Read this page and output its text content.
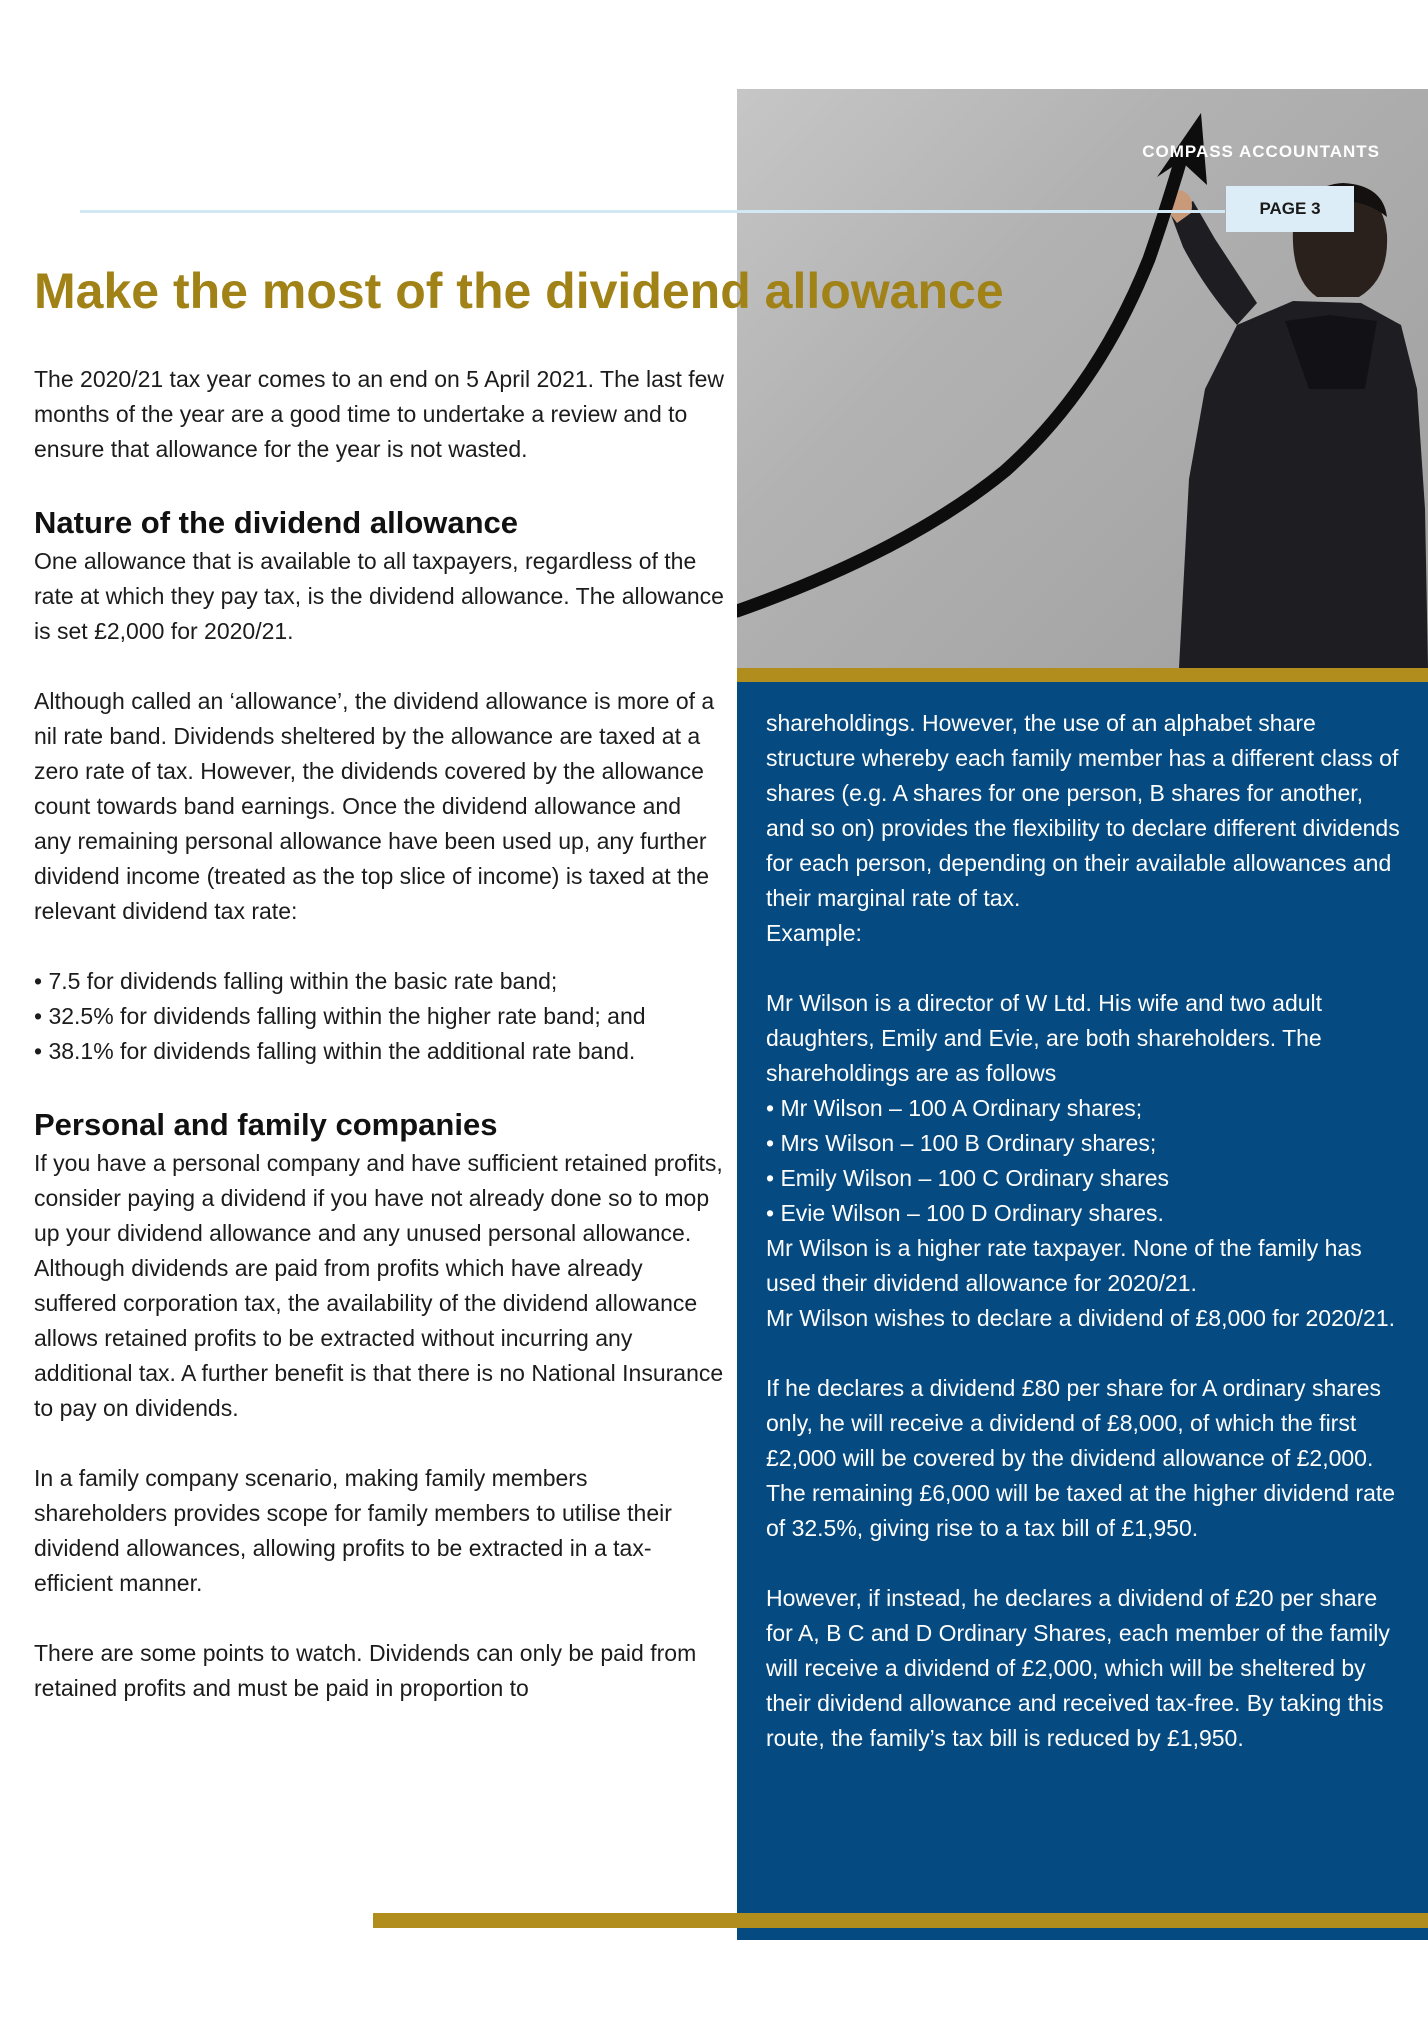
COMPASS ACCOUNTANTS
PAGE 3
Make the most of the dividend allowance

The 2020/21 tax year comes to an end on 5 April 2021. The last few months of the year are a good time to undertake a review and to ensure that allowance for the year is not wasted.

Nature of the dividend allowance

One allowance that is available to all taxpayers, regardless of the rate at which they pay tax, is the dividend allowance. The allowance is set £2,000 for 2020/21.

Although called an ‘allowance’, the dividend allowance is more of a nil rate band. Dividends sheltered by the allowance are taxed at a zero rate of tax. However, the dividends covered by the allowance count towards band earnings. Once the dividend allowance and any remaining personal allowance have been used up, any further dividend income (treated as the top slice of income) is taxed at the relevant dividend tax rate:

• 7.5 for dividends falling within the basic rate band;

• 32.5% for dividends falling within the higher rate band; and

• 38.1% for dividends falling within the additional rate band.

Personal and family companies

If you have a personal company and have sufficient retained profits, consider paying a dividend if you have not already done so to mop up your dividend allowance and any unused personal allowance. Although dividends are paid from profits which have already suffered corporation tax, the availability of the dividend allowance allows retained profits to be extracted without incurring any additional tax. A further benefit is that there is no National Insurance to pay on dividends.

In a family company scenario, making family members shareholders provides scope for family members to utilise their dividend allowances, allowing profits to be extracted in a tax-efficient manner.

There are some points to watch. Dividends can only be paid from retained profits and must be paid in proportion to

shareholdings. However, the use of an alphabet share structure whereby each family member has a different class of shares (e.g. A shares for one person, B shares for another, and so on) provides the flexibility to declare different dividends for each person, depending on their available allowances and their marginal rate of tax.

Example:

Mr Wilson is a director of W Ltd. His wife and two adult daughters, Emily and Evie, are both shareholders. The shareholdings are as follows

• Mr Wilson – 100 A Ordinary shares;

• Mrs Wilson – 100 B Ordinary shares;

• Emily Wilson – 100 C Ordinary shares

• Evie Wilson – 100 D Ordinary shares.

Mr Wilson is a higher rate taxpayer. None of the family has used their dividend allowance for 2020/21.

Mr Wilson wishes to declare a dividend of £8,000 for 2020/21.

If he declares a dividend £80 per share for A ordinary shares only, he will receive a dividend of £8,000, of which the first £2,000 will be covered by the dividend allowance of £2,000. The remaining £6,000 will be taxed at the higher dividend rate of 32.5%, giving rise to a tax bill of £1,950.

However, if instead, he declares a dividend of £20 per share for A, B C and D Ordinary Shares, each member of the family will receive a dividend of £2,000, which will be sheltered by their dividend allowance and received tax-free. By taking this route, the family’s tax bill is reduced by £1,950.
